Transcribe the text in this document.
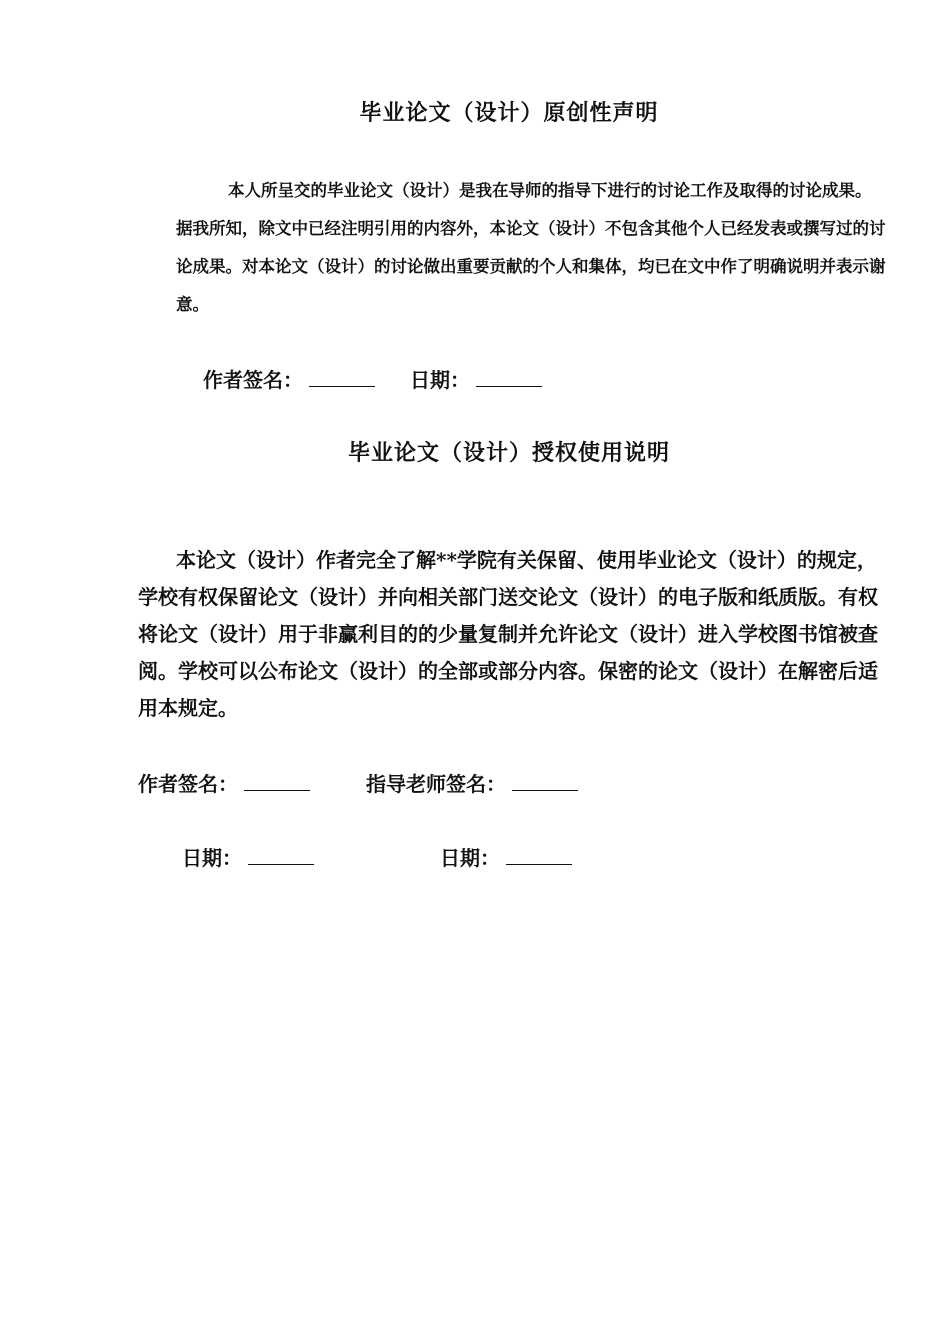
毕业论文（设计）原创性声明

本人所呈交的毕业论文（设计）是我在导师的指导下进行的讨论工作及取得的讨论成果。据我所知，除文中已经注明引用的内容外，本论文（设计）不包含其他个人已经发表或撰写过的讨论成果。对本论文（设计）的讨论做出重要贡献的个人和集体，均已在文中作了明确说明并表示谢意。

作者签名：	日期：
毕业论文（设计）授权使用说明

本论文（设计）作者完全了解**学院有关保留、使用毕业论文（设计）的规定，学校有权保留论文（设计）并向相关部门送交论文（设计）的电子版和纸质版。有权将论文（设计）用于非赢利目的的少量复制并允许论文（设计）进入学校图书馆被查阅。学校可以公布论文（设计）的全部或部分内容。保密的论文（设计）在解密后适用本规定。

作者签名：	指导老师签名：
日期：	日期：
